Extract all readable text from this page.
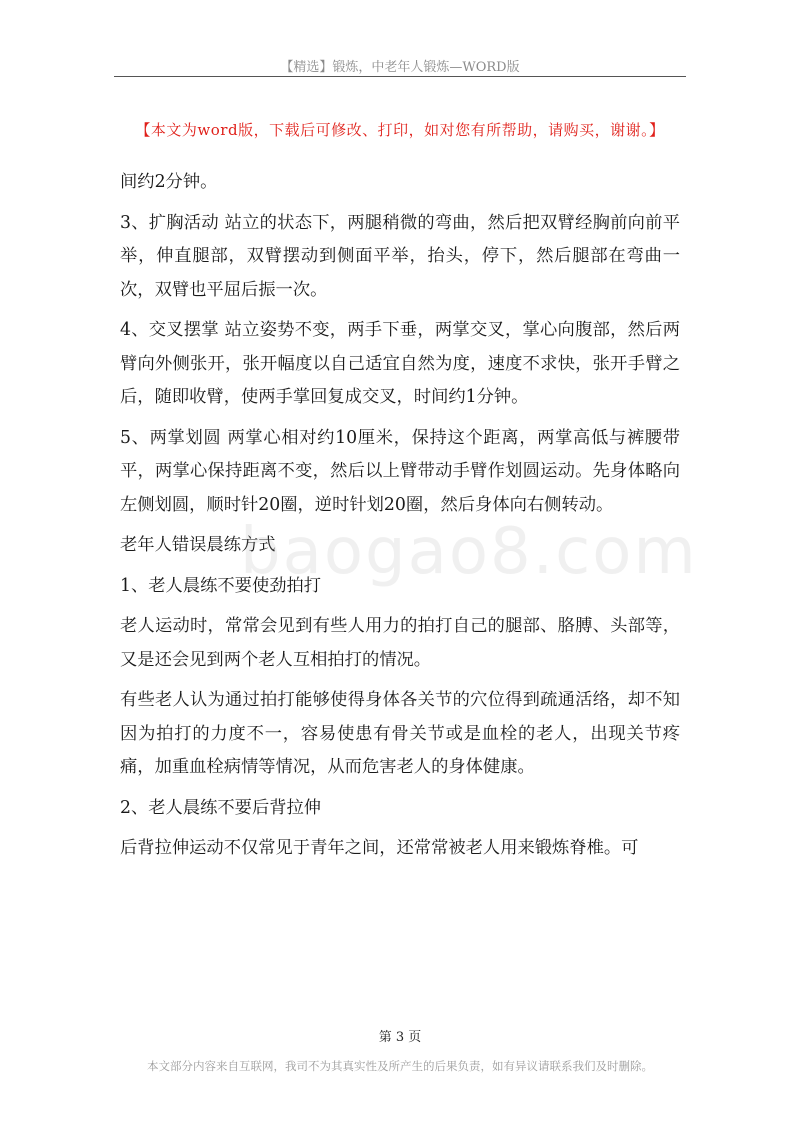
【精选】锻炼，中老年人锻炼—WORD版
【本文为word版，下载后可修改、打印，如对您有所帮助，请购买，谢谢。】

间约2分钟。

3、扩胸活动 站立的状态下，两腿稍微的弯曲，然后把双臂经胸前向前平举，伸直腿部，双臂摆动到侧面平举，抬头，停下，然后腿部在弯曲一次，双臂也平屈后振一次。

4、交叉摆掌 站立姿势不变，两手下垂，两掌交叉，掌心向腹部，然后两臂向外侧张开，张开幅度以自己适宜自然为度，速度不求快，张开手臂之后，随即收臂，使两手掌回复成交叉，时间约1分钟。

5、两掌划圆 两掌心相对约10厘米，保持这个距离，两掌高低与裤腰带平，两掌心保持距离不变，然后以上臂带动手臂作划圆运动。先身体略向左侧划圆，顺时针20圈，逆时针划20圈，然后身体向右侧转动。

老年人错误晨练方式

1、老人晨练不要使劲拍打

老人运动时，常常会见到有些人用力的拍打自己的腿部、胳膊、头部等，又是还会见到两个老人互相拍打的情况。

有些老人认为通过拍打能够使得身体各关节的穴位得到疏通活络，却不知因为拍打的力度不一，容易使患有骨关节或是血栓的老人，出现关节疼痛，加重血栓病情等情况，从而危害老人的身体健康。

2、老人晨练不要后背拉伸

后背拉伸运动不仅常见于青年之间，还常常被老人用来锻炼脊椎。可

baogao8.com
第 3 页
本文部分内容来自互联网，我司不为其真实性及所产生的后果负责，如有异议请联系我们及时删除。
